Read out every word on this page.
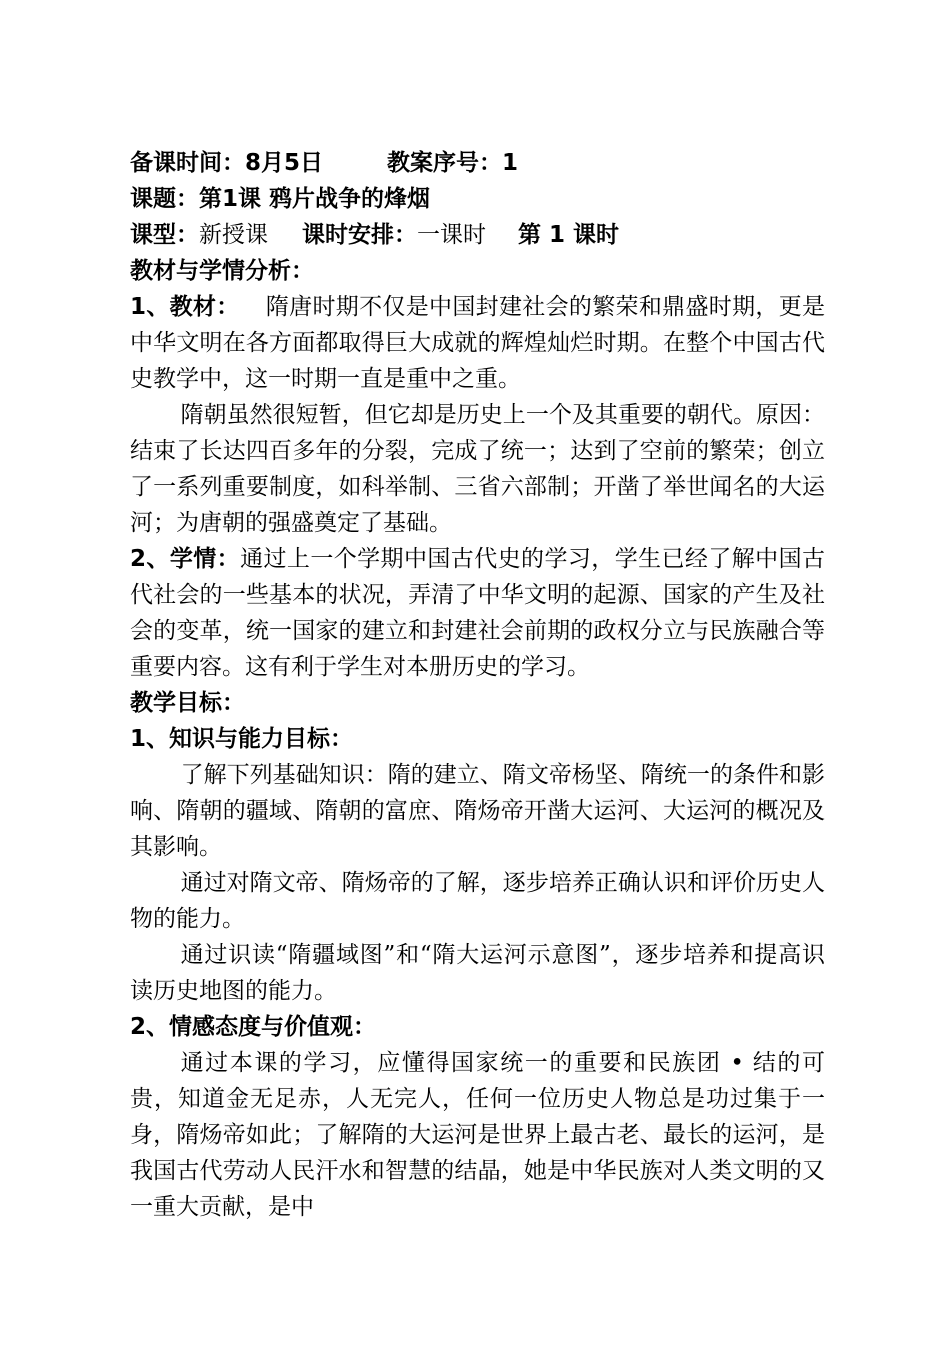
备课时间：8月5日	教案序号：1
课题：第1课 鸦片战争的烽烟
课型：新授课 课时安排：一课时 第 1 课时
教材与学情分析：
1、教材： 隋唐时期不仅是中国封建社会的繁荣和鼎盛时期，更是中华文明在各方面都取得巨大成就的辉煌灿烂时期。在整个中国古代史教学中，这一时期一直是重中之重。
隋朝虽然很短暂，但它却是历史上一个及其重要的朝代。原因：结束了长达四百多年的分裂，完成了统一；达到了空前的繁荣；创立了一系列重要制度，如科举制、三省六部制；开凿了举世闻名的大运河；为唐朝的强盛奠定了基础。
2、学情：通过上一个学期中国古代史的学习，学生已经了解中国古代社会的一些基本的状况，弄清了中华文明的起源、国家的产生及社会的变革，统一国家的建立和封建社会前期的政权分立与民族融合等重要内容。这有利于学生对本册历史的学习。
教学目标：
1、知识与能力目标：
了解下列基础知识：隋的建立、隋文帝杨坚、隋统一的条件和影响、隋朝的疆域、隋朝的富庶、隋炀帝开凿大运河、大运河的概况及其影响。
通过对隋文帝、隋炀帝的了解，逐步培养正确认识和评价历史人物的能力。
通过识读“隋疆域图”和“隋大运河示意图”，逐步培养和提高识读历史地图的能力。
2、情感态度与价值观：
通过本课的学习，应懂得国家统一的重要和民族团 • 结的可贵，知道金无足赤，人无完人，任何一位历史人物总是功过集于一身，隋炀帝如此；了解隋的大运河是世界上最古老、最长的运河，是我国古代劳动人民汗水和智慧的结晶，她是中华民族对人类文明的又一重大贡献，是中
